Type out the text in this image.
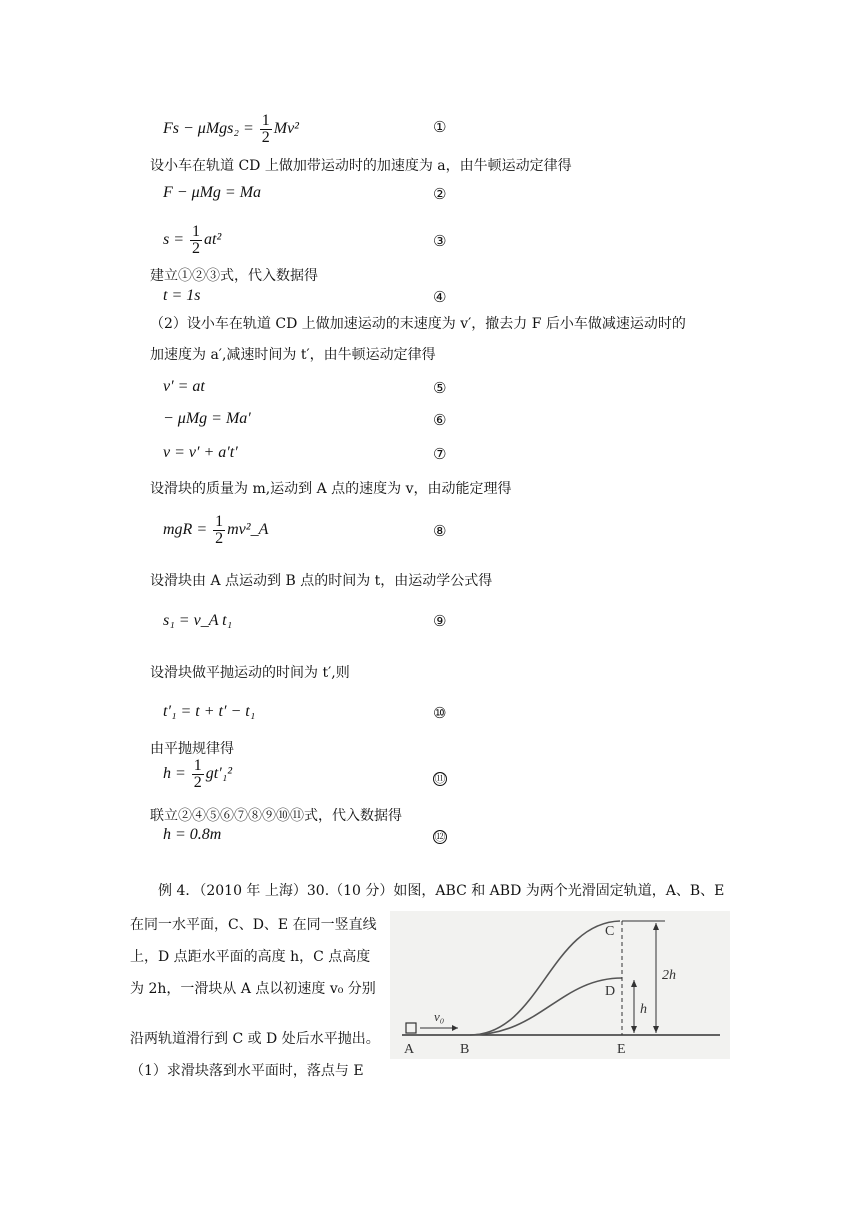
$Fs - \mu Mgs_2 = \frac{1}{2} Mv^2$	①
设小车在轨道 CD 上做加带运动时的加速度为 a，由牛顿运动定律得
F − μMg = Ma	②
$s = \frac{1}{2} at^2$	③
建立①②③式，代入数据得
t = 1s	④
（2）设小车在轨道 CD 上做加速运动的末速度为 v′，撤去力 F 后小车做减速运动时的
加速度为 a′,减速时间为 t′，由牛顿运动定律得
v′ = at	⑤
− μMg = Ma′	⑥
v = v′ + a′t′	⑦
设滑块的质量为 m,运动到 A 点的速度为 v，由动能定理得
mgR = $\frac{1}{2}$ mv²_A	⑧
设滑块由 A 点运动到 B 点的时间为 t，由运动学公式得
s₁ = v_A t₁	⑨
设滑块做平抛运动的时间为 t′,则
t′₁ = t + t′ − t₁	⑩
由平抛规律得
$h = \frac{1}{2} gt'_1^2$	⑪
联立②④⑤⑥⑦⑧⑨⑩⑪式，代入数据得
h = 0.8m	⑫
例 4．（2010 年 上海）30.（10 分）如图，ABC 和 ABD 为两个光滑固定轨道，A、B、E
在同一水平面，C、D、E 在同一竖直线
上，D 点距水平面的高度 h，C 点高度
为 2h，一滑块从 A 点以初速度 v₀ 分别
沿两轨道滑行到 C 或 D 处后水平抛出。
（1）求滑块落到水平面时，落点与 E
A	B	E
C
D
2h
h
v₀
